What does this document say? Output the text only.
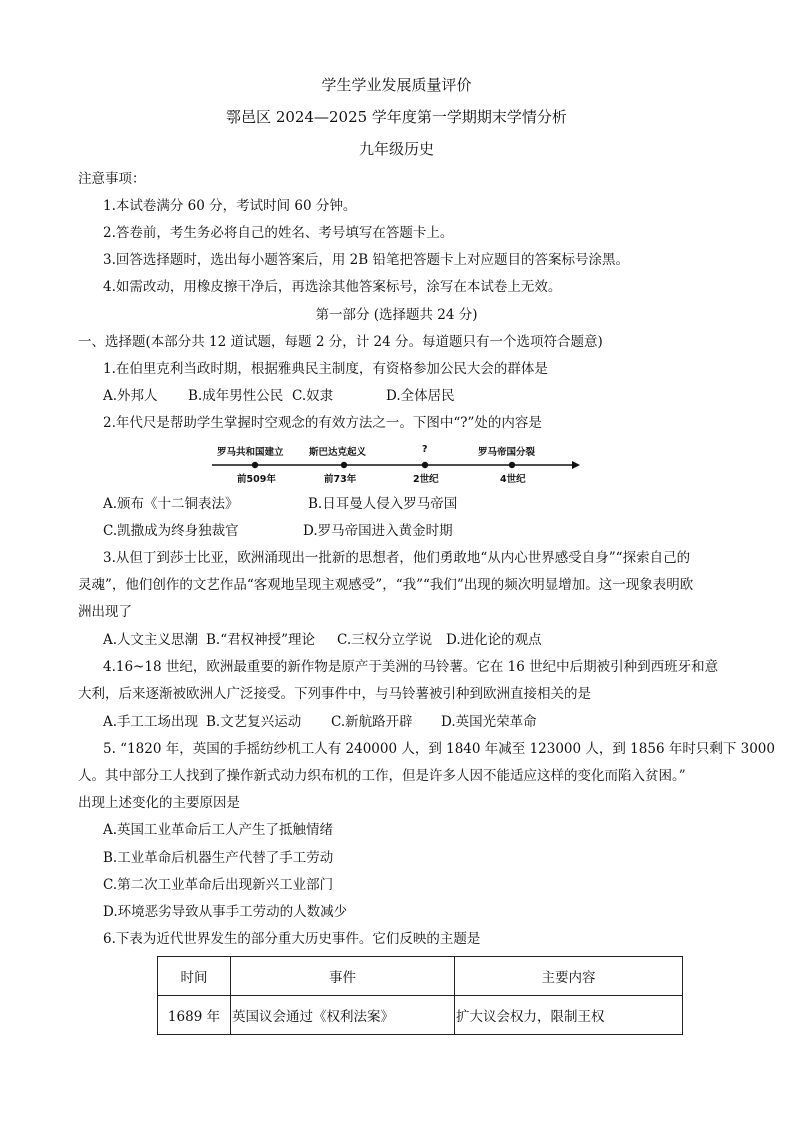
学生学业发展质量评价
鄠邑区 2024—2025 学年度第一学期期末学情分析
九年级历史
注意事项：
1.本试卷满分 60 分，考试时间 60 分钟。
2.答卷前，考生务必将自己的姓名、考号填写在答题卡上。
3.回答选择题时，选出每小题答案后，用 2B 铅笔把答题卡上对应题目的答案标号涂黑。
4.如需改动，用橡皮擦干净后，再选涂其他答案标号，涂写在本试卷上无效。
第一部分 (选择题共 24 分)
一、选择题(本部分共 12 道试题，每题 2 分，计 24 分。每道题只有一个选项符合题意)
1.在伯里克利当政时期，根据雅典民主制度，有资格参加公民大会的群体是
A.外邦人 B.成年男性公民 C.奴隶	D.全体居民
2.年代尺是帮助学生掌握时空观念的有效方法之一。下图中“?”处的内容是
罗马共和国建立	斯巴达克起义	?	罗马帝国分裂
前509年	前73年	2世纪	4世纪
A.颁布《十二铜表法》	B.日耳曼人侵入罗马帝国
C.凯撒成为终身独裁官	D.罗马帝国进入黄金时期
3.从但丁到莎士比亚，欧洲涌现出一批新的思想者，他们勇敢地“从内心世界感受自身”“探索自己的
灵魂”，他们创作的文艺作品“客观地呈现主观感受”，“我”“我们”出现的频次明显增加。这一现象表明欧
洲出现了
A.人文主义思潮 B.“君权神授”理论 C.三权分立学说 D.进化论的观点
4.16~18 世纪，欧洲最重要的新作物是原产于美洲的马铃薯。它在 16 世纪中后期被引种到西班牙和意
大利，后来逐渐被欧洲人广泛接受。下列事件中，与马铃薯被引种到欧洲直接相关的是
A.手工工场出现 B.文艺复兴运动 C.新航路开辟 D.英国光荣革命
5. “1820 年，英国的手摇纺纱机工人有 240000 人，到 1840 年减至 123000 人，到 1856 年时只剩下 3000
人。其中部分工人找到了操作新式动力织布机的工作，但是许多人因不能适应这样的变化而陷入贫困。”
出现上述变化的主要原因是
A.英国工业革命后工人产生了抵触情绪
B.工业革命后机器生产代替了手工劳动
C.第二次工业革命后出现新兴工业部门
D.环境恶劣导致从事手工劳动的人数减少
6.下表为近代世界发生的部分重大历史事件。它们反映的主题是
时间	事件	主要内容
1689 年	英国议会通过《权利法案》	扩大议会权力，限制王权
